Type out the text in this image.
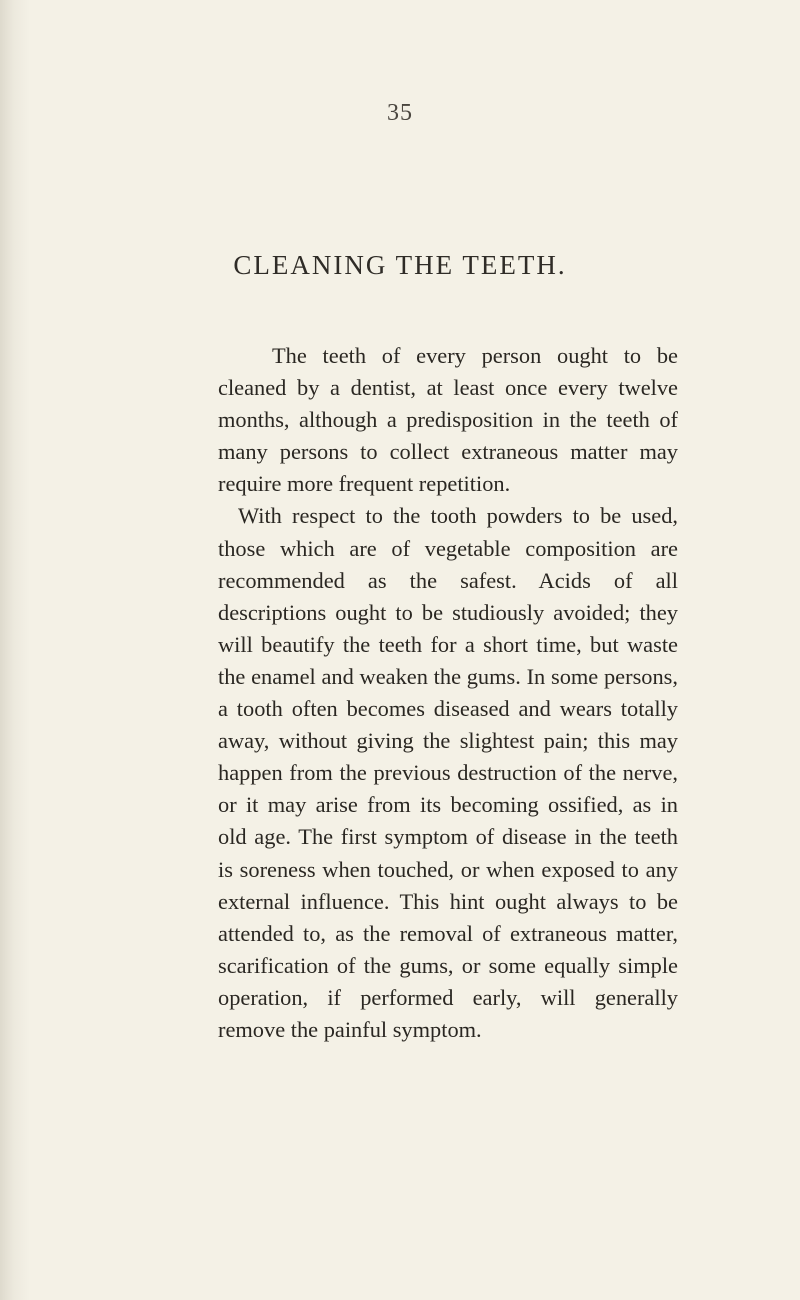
35
CLEANING THE TEETH.

The teeth of every person ought to be cleaned by a dentist, at least once every twelve months, although a predisposition in the teeth of many persons to collect extraneous matter may require more frequent repetition.

With respect to the tooth powders to be used, those which are of vegetable composition are recommended as the safest. Acids of all descriptions ought to be studiously avoided; they will beautify the teeth for a short time, but waste the enamel and weaken the gums. In some persons, a tooth often becomes diseased and wears totally away, without giving the slightest pain; this may happen from the previous destruction of the nerve, or it may arise from its becoming ossified, as in old age. The first symptom of disease in the teeth is soreness when touched, or when exposed to any external influence. This hint ought always to be attended to, as the removal of extraneous matter, scarification of the gums, or some equally simple operation, if performed early, will generally remove the painful symptom.
